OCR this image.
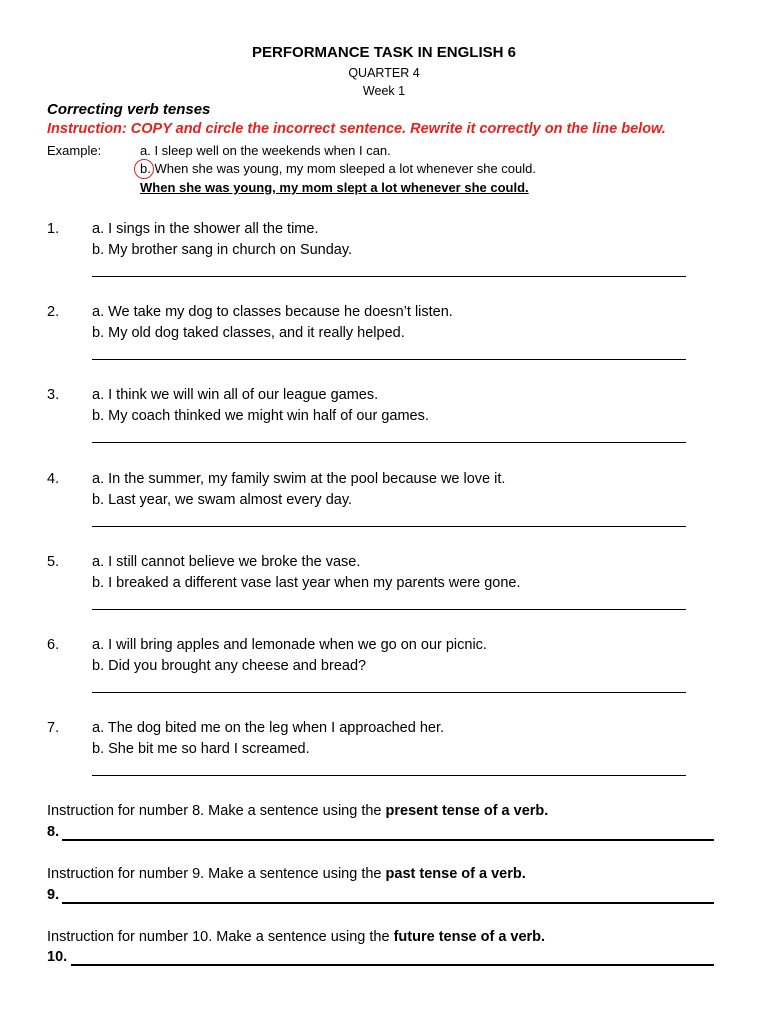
PERFORMANCE TASK IN ENGLISH 6
QUARTER 4
Week 1
Correcting verb tenses
Instruction: COPY and circle the incorrect sentence. Rewrite it correctly on the line below.
Example:	a. I sleep well on the weekends when I can.
b. When she was young, my mom sleeped a lot whenever she could.
When she was young, my mom slept a lot whenever she could.
1. a. I sings in the shower all the time.
b. My brother sang in church on Sunday.
2. a. We take my dog to classes because he doesn’t listen.
b. My old dog taked classes, and it really helped.
3. a. I think we will win all of our league games.
b. My coach thinked we might win half of our games.
4. a. In the summer, my family swim at the pool because we love it.
b. Last year, we swam almost every day.
5. a. I still cannot believe we broke the vase.
b. I breaked a different vase last year when my parents were gone.
6. a. I will bring apples and lemonade when we go on our picnic.
b. Did you brought any cheese and bread?
7. a. The dog bited me on the leg when I approached her.
b. She bit me so hard I screamed.
Instruction for number 8. Make a sentence using the present tense of a verb.
8.
Instruction for number 9. Make a sentence using the past tense of a verb.
9.
Instruction for number 10. Make a sentence using the future tense of a verb.
10.
